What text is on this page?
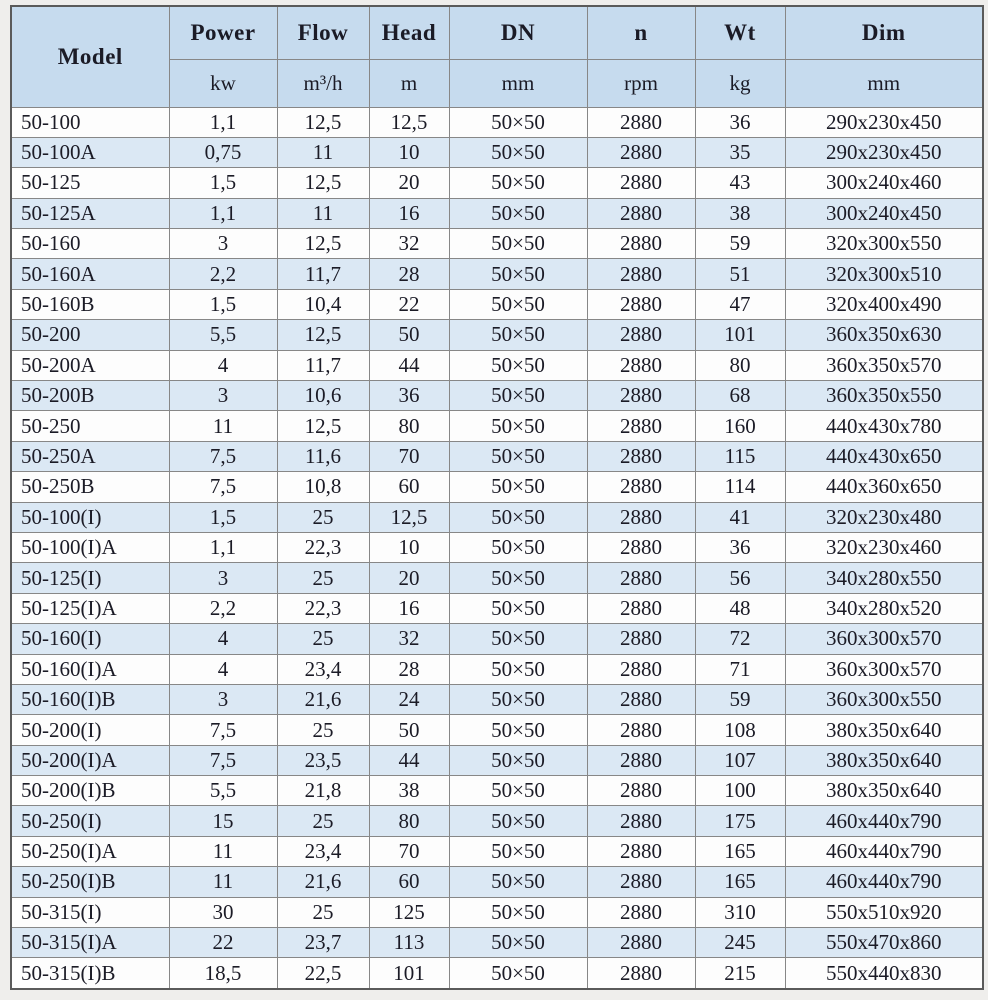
Model	Power	Flow	Head	DN	n	Wt	Dim
	kw	m³/h	m	mm	rpm	kg	mm
50-100	1,1	12,5	12,5	50×50	2880	36	290x230x450
50-100A	0,75	11	10	50×50	2880	35	290x230x450
50-125	1,5	12,5	20	50×50	2880	43	300x240x460
50-125A	1,1	11	16	50×50	2880	38	300x240x450
50-160	3	12,5	32	50×50	2880	59	320x300x550
50-160A	2,2	11,7	28	50×50	2880	51	320x300x510
50-160B	1,5	10,4	22	50×50	2880	47	320x400x490
50-200	5,5	12,5	50	50×50	2880	101	360x350x630
50-200A	4	11,7	44	50×50	2880	80	360x350x570
50-200B	3	10,6	36	50×50	2880	68	360x350x550
50-250	11	12,5	80	50×50	2880	160	440x430x780
50-250A	7,5	11,6	70	50×50	2880	115	440x430x650
50-250B	7,5	10,8	60	50×50	2880	114	440x360x650
50-100(I)	1,5	25	12,5	50×50	2880	41	320x230x480
50-100(I)A	1,1	22,3	10	50×50	2880	36	320x230x460
50-125(I)	3	25	20	50×50	2880	56	340x280x550
50-125(I)A	2,2	22,3	16	50×50	2880	48	340x280x520
50-160(I)	4	25	32	50×50	2880	72	360x300x570
50-160(I)A	4	23,4	28	50×50	2880	71	360x300x570
50-160(I)B	3	21,6	24	50×50	2880	59	360x300x550
50-200(I)	7,5	25	50	50×50	2880	108	380x350x640
50-200(I)A	7,5	23,5	44	50×50	2880	107	380x350x640
50-200(I)B	5,5	21,8	38	50×50	2880	100	380x350x640
50-250(I)	15	25	80	50×50	2880	175	460x440x790
50-250(I)A	11	23,4	70	50×50	2880	165	460x440x790
50-250(I)B	11	21,6	60	50×50	2880	165	460x440x790
50-315(I)	30	25	125	50×50	2880	310	550x510x920
50-315(I)A	22	23,7	113	50×50	2880	245	550x470x860
50-315(I)B	18,5	22,5	101	50×50	2880	215	550x440x830
